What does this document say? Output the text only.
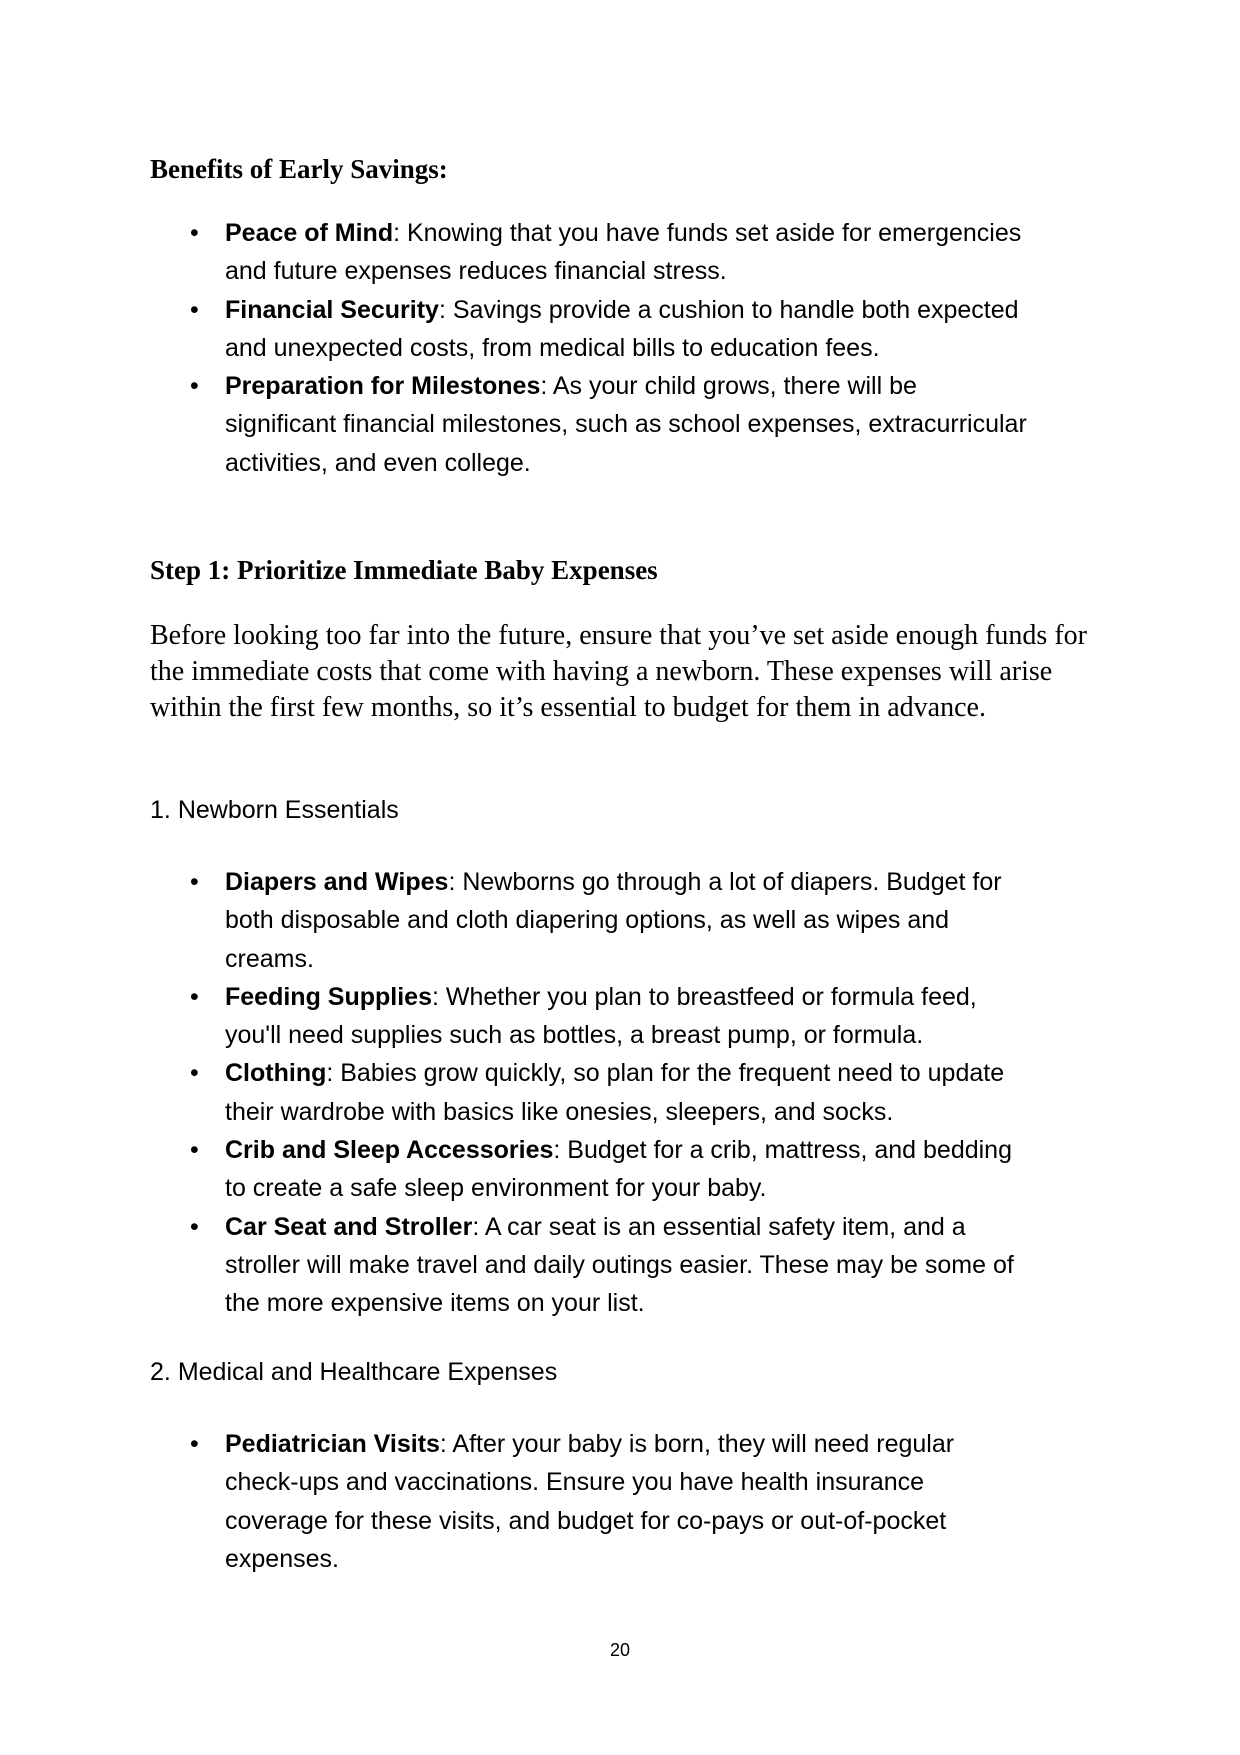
Benefits of Early Savings:
• Peace of Mind: Knowing that you have funds set aside for emergencies and future expenses reduces financial stress.
• Financial Security: Savings provide a cushion to handle both expected and unexpected costs, from medical bills to education fees.
• Preparation for Milestones: As your child grows, there will be significant financial milestones, such as school expenses, extracurricular activities, and even college.
Step 1: Prioritize Immediate Baby Expenses

Before looking too far into the future, ensure that you’ve set aside enough funds for the immediate costs that come with having a newborn. These expenses will arise within the first few months, so it’s essential to budget for them in advance.

1. Newborn Essentials

• Diapers and Wipes: Newborns go through a lot of diapers. Budget for both disposable and cloth diapering options, as well as wipes and creams.
• Feeding Supplies: Whether you plan to breastfeed or formula feed, you'll need supplies such as bottles, a breast pump, or formula.
• Clothing: Babies grow quickly, so plan for the frequent need to update their wardrobe with basics like onesies, sleepers, and socks.
• Crib and Sleep Accessories: Budget for a crib, mattress, and bedding to create a safe sleep environment for your baby.
• Car Seat and Stroller: A car seat is an essential safety item, and a stroller will make travel and daily outings easier. These may be some of the more expensive items on your list.

2. Medical and Healthcare Expenses

• Pediatrician Visits: After your baby is born, they will need regular check-ups and vaccinations. Ensure you have health insurance coverage for these visits, and budget for co-pays or out-of-pocket expenses.
20
